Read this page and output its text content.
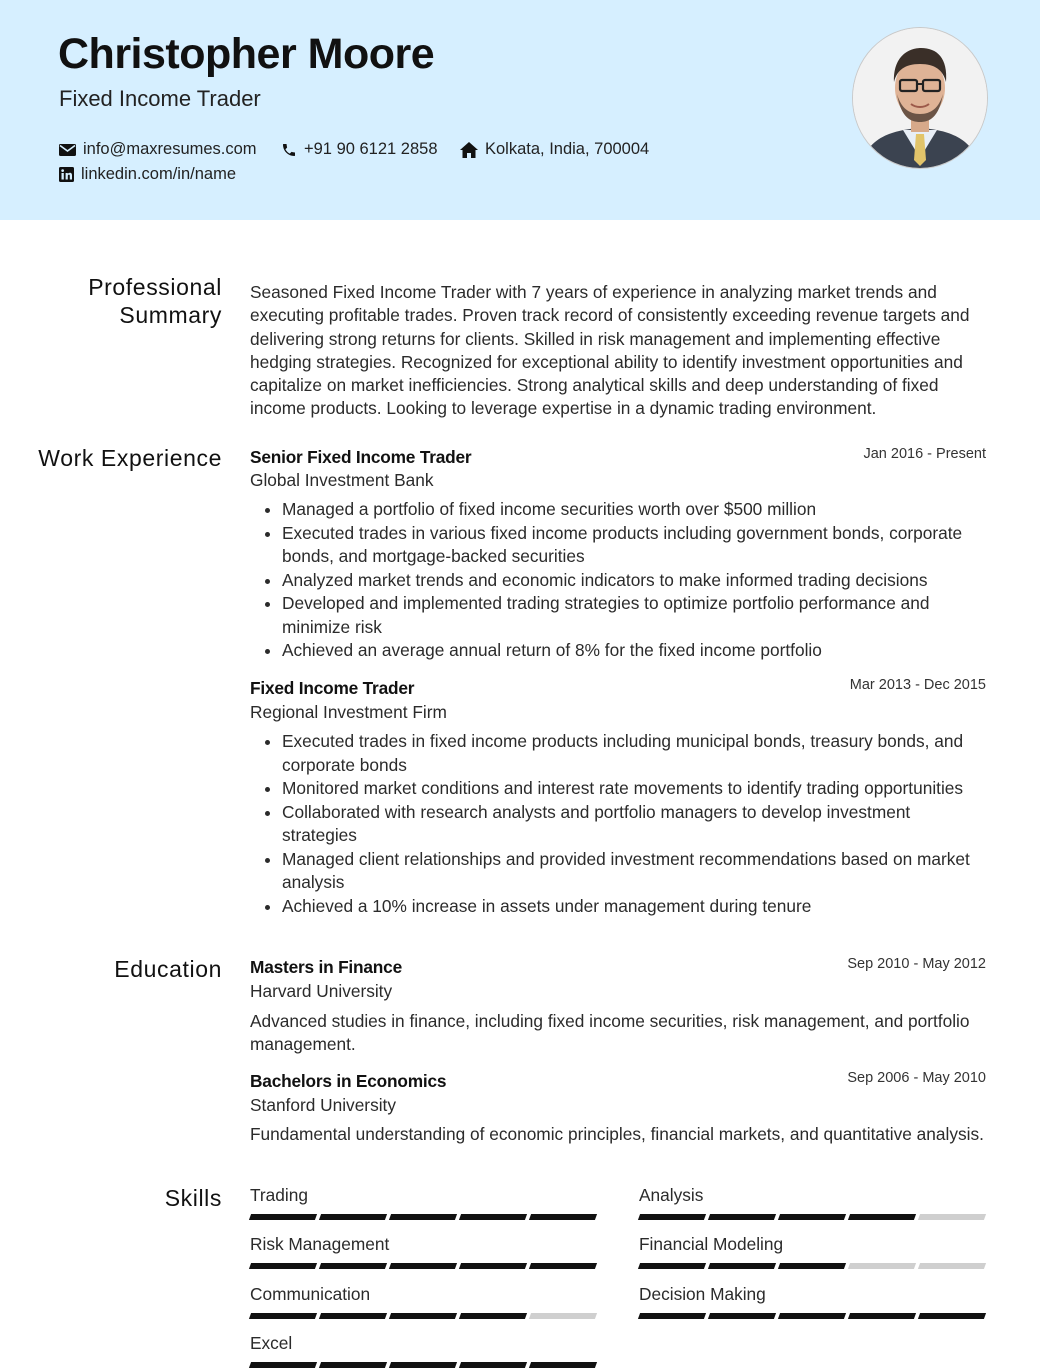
Christopher Moore
Fixed Income Trader
info@maxresumes.com	+91 90 6121 2858	Kolkata, India, 700004
linkedin.com/in/name
Professional Summary
Seasoned Fixed Income Trader with 7 years of experience in analyzing market trends and executing profitable trades. Proven track record of consistently exceeding revenue targets and delivering strong returns for clients. Skilled in risk management and implementing effective hedging strategies. Recognized for exceptional ability to identify investment opportunities and capitalize on market inefficiencies. Strong analytical skills and deep understanding of fixed income products. Looking to leverage expertise in a dynamic trading environment.
Work Experience Senior Fixed Income Trader	Jan 2016 - Present
Global Investment Bank
• Managed a portfolio of fixed income securities worth over $500 million
• Executed trades in various fixed income products including government bonds, corporate bonds, and mortgage-backed securities
• Analyzed market trends and economic indicators to make informed trading decisions
• Developed and implemented trading strategies to optimize portfolio performance and minimize risk
• Achieved an average annual return of 8% for the fixed income portfolio
Fixed Income Trader	Mar 2013 - Dec 2015
Regional Investment Firm
• Executed trades in fixed income products including municipal bonds, treasury bonds, and corporate bonds
• Monitored market conditions and interest rate movements to identify trading opportunities
• Collaborated with research analysts and portfolio managers to develop investment strategies
• Managed client relationships and provided investment recommendations based on market analysis
• Achieved a 10% increase in assets under management during tenure
Education Masters in Finance	Sep 2010 - May 2012
Harvard University
Advanced studies in finance, including fixed income securities, risk management, and portfolio management.
Bachelors in Economics	Sep 2006 - May 2010
Stanford University
Fundamental understanding of economic principles, financial markets, and quantitative analysis.
Skills Trading	Analysis
Risk Management	Financial Modeling
Communication	Decision Making
Excel
